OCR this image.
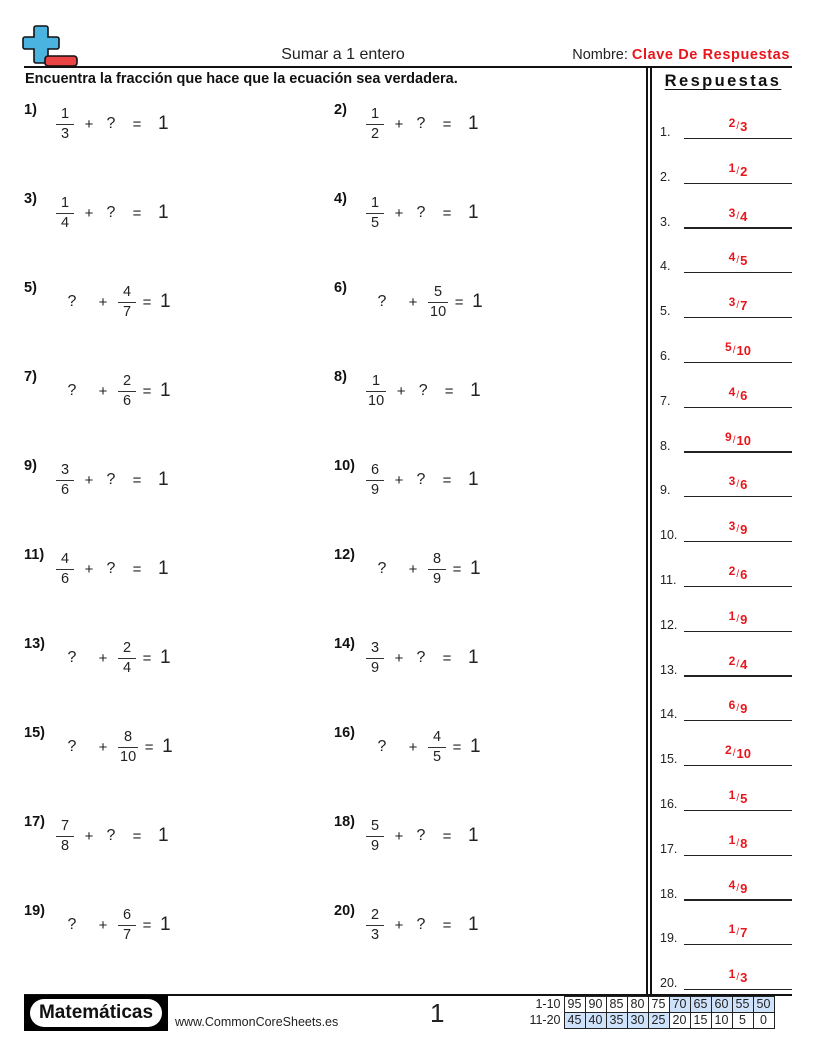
Sumar a 1 entero	Nombre: Clave De Respuestas
Encuentra la fracción que hace que la ecuación sea verdadera.	Respuestas
$1) \frac{1}{3}$ + ?	= 1
$2) \frac{1}{2}$ + ?	= 1
$3) \frac{1}{4}$ + ?	= 1
$4) \frac{1}{5}$ + ?	= 1
5)
?	+ $\frac{4}{7} = 1$
6)
?	+ $\frac{5}{10} = 1$
7)
?	+ $\frac{2}{6} = 1$
$8) \frac{1}{10}$ + ?	= 1
$9) \frac{3}{6}$ + ?	= 1
$10) \frac{6}{9}$ + ?	= 1
$11) \frac{4}{6}$ + ?	= 1
12)
?	+ $\frac{8}{9} = 1$
13)
?	+ $\frac{2}{4} = 1$
$14) \frac{3}{9}$ + ?	= 1
15)
?	+ $\frac{8}{10} = 1$
16)
?	+ $\frac{4}{5} = 1$
$17) \frac{7}{8}$ + ?	= 1
$18) \frac{5}{9}$ + ?	= 1
19)
?	+ $\frac{6}{7} = 1$
$20) \frac{2}{3}$ + ?	= 1
1.
$^2$/3
2.
$^1$/2
3.
$^3$/4
4.
$^4$/5
5.
$^3$/7
6.
$^5$/10
7.
$^4$/6
8.
$^9$/10
9.
$^3$/6
10.
$^3$/9
11.
$^2$/6
12.
$^1$/9
13.
$^2$/4
14.
$^6$/9
15.
$^2$/10
16.
$^1$/5
17.
$^1$/8
18.
$^4$/9
19.
$^1$/7
20.
$^1$/3
Matemáticas	www.CommonCoreSheets.es	1	1-10	95	90	85	80	75	70	65	60	55	50
11-20	45	40	35	30	25	20	15	10	5	0
